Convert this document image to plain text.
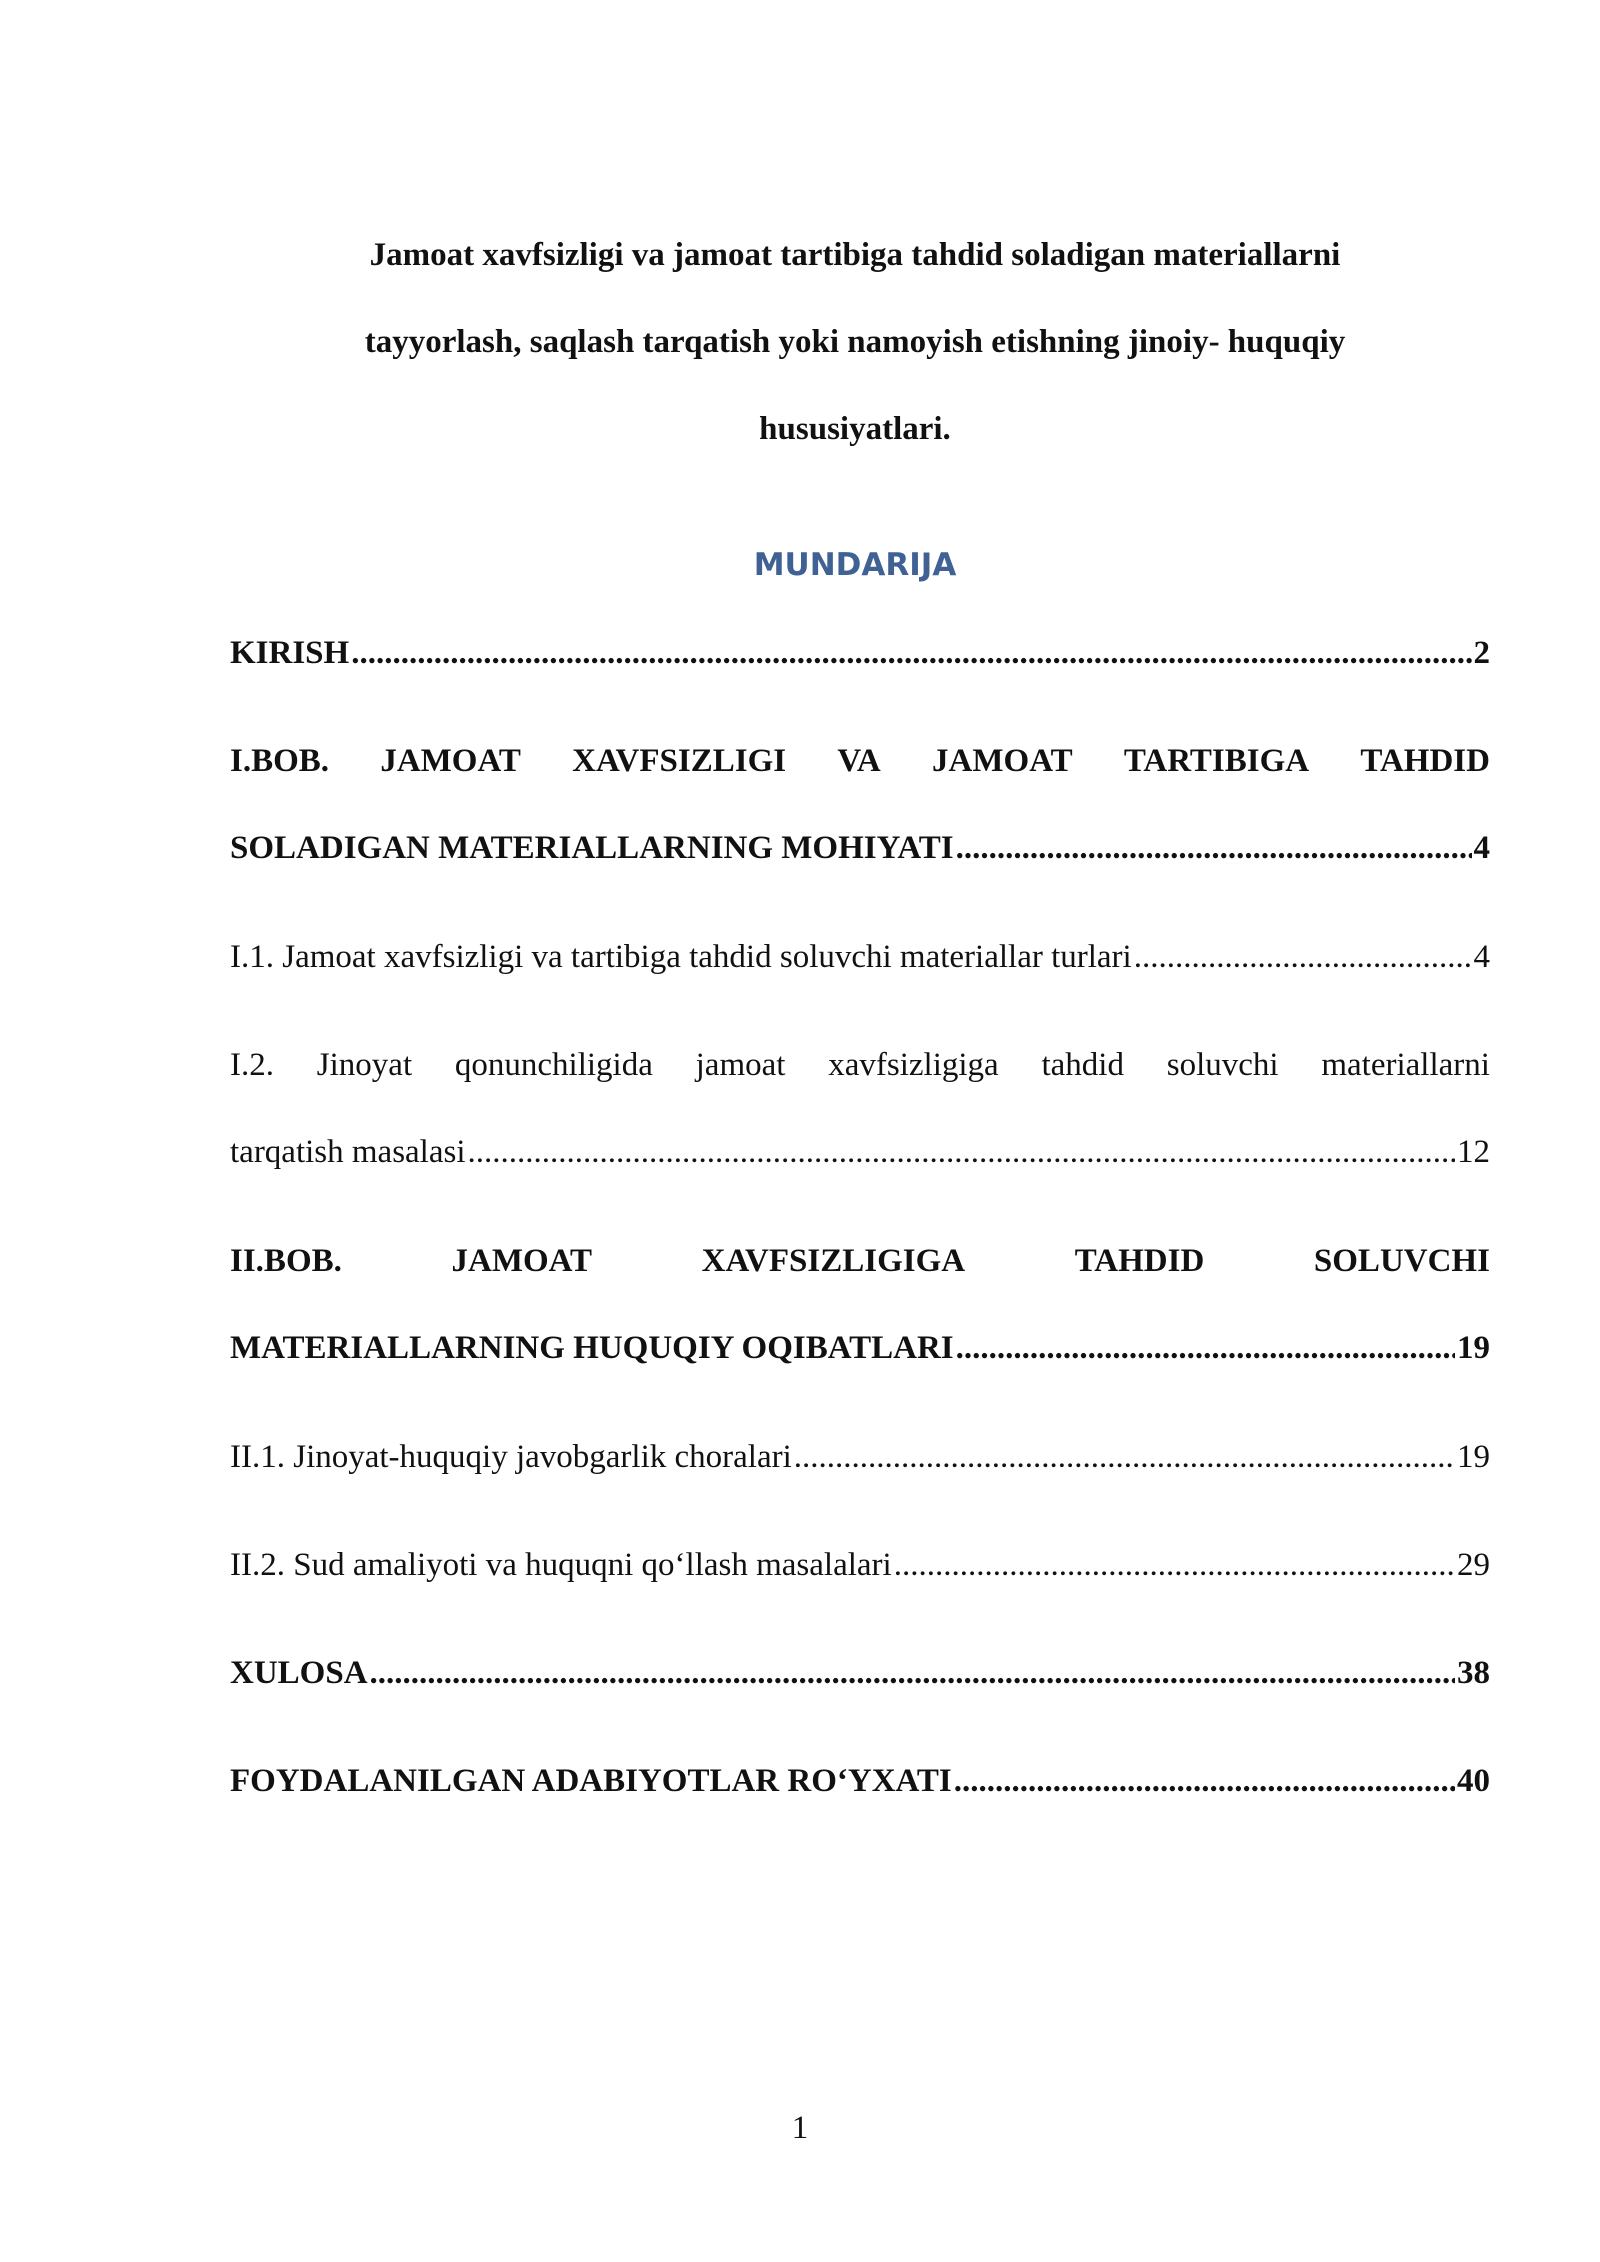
Jamoat xavfsizligi va jamoat tartibiga tahdid soladigan materiallarni
tayyorlash, saqlash tarqatish yoki namoyish etishning jinoiy- huquqiy
hususiyatlari.
MUNDARIJA
KIRISH .....	2
I.BOB. JAMOAT XAVFSIZLIGI VA JAMOAT TARTIBIGA TAHDID
SOLADIGAN MATERIALLARNING MOHIYATI .....	4
I.1. Jamoat xavfsizligi va tartibiga tahdid soluvchi materiallar turlari .....	4
I.2. Jinoyat qonunchiligida jamoat xavfsizligiga tahdid soluvchi materiallarni
tarqatish masalasi .....	12
II.BOB.	JAMOAT	XAVFSIZLIGIGA	TAHDID	SOLUVCHI
MATERIALLARNING HUQUQIY OQIBATLARI .....	19
II.1. Jinoyat-huquqiy javobgarlik choralari .....	19
II.2. Sud amaliyoti va huquqni qo‘llash masalalari .....	29
XULOSA .....	38
FOYDALANILGAN ADABIYOTLAR RO‘YXATI .....	40
1
